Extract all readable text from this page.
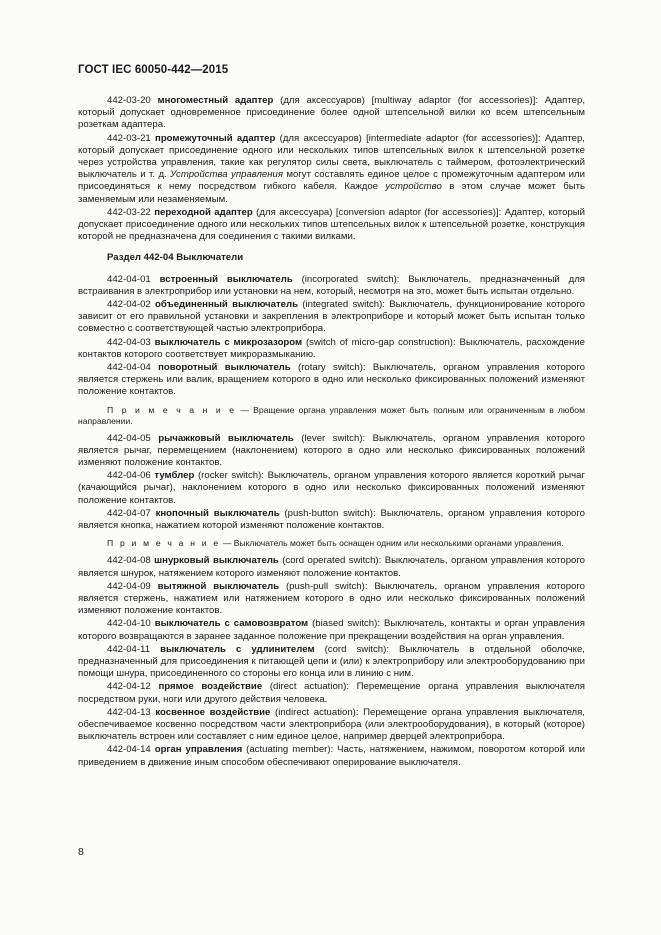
ГОСТ IEC 60050-442—2015

442-03-20 многоместный адаптер (для аксессуаров) [multiway adaptor (for accessories)]: Адаптер, который допускает одновременное присоединение более одной штепсельной вилки ко всем штепсельным розеткам адаптера.

442-03-21 промежуточный адаптер (для аксессуаров) [intermediate adaptor (for accessories)]: Адаптер, который допускает присоединение одного или нескольких типов штепсельных вилок к штепсельной розетке через устройства управления, такие как регулятор силы света, выключатель с таймером, фотоэлектрический выключатель и т. д. Устройства управления могут составлять единое целое с промежуточным адаптером или присоединяться к нему посредством гибкого кабеля. Каждое устройство в этом случае может быть заменяемым или незаменяемым.

442-03-22 переходной адаптер (для аксессуара) [conversion adaptor (for accessories)]: Адаптер, который допускает присоединение одного или нескольких типов штепсельных вилок к штепсельной розетке, конструкция которой не предназначена для соединения с такими вилками.

Раздел 442-04 Выключатели

442-04-01 встроенный выключатель (incorporated switch): Выключатель, предназначенный для встраивания в электроприбор или установки на нем, который, несмотря на это, может быть испытан отдельно.

442-04-02 объединенный выключатель (integrated switch): Выключатель, функционирование которого зависит от его правильной установки и закрепления в электроприборе и который может быть испытан только совместно с соответствующей частью электроприбора.

442-04-03 выключатель с микрозазором (switch of micro-gap construction): Выключатель, расхождение контактов которого соответствует микроразмыканию.

442-04-04 поворотный выключатель (rotary switch): Выключатель, органом управления которого является стержень или валик, вращением которого в одно или несколько фиксированных положений изменяют положение контактов.

П р и м е ч а н и е — Вращение органа управления может быть полным или ограниченным в любом направлении.

442-04-05 рычажковый выключатель (lever switch): Выключатель, органом управления которого является рычаг, перемещением (наклонением) которого в одно или несколько фиксированных положений изменяют положение контактов.

442-04-06 тумблер (rocker switch): Выключатель, органом управления которого является короткий рычаг (качающийся рычаг), наклонением которого в одно или несколько фиксированных положений изменяют положение контактов.

442-04-07 кнопочный выключатель (push-button switch): Выключатель, органом управления которого является кнопка, нажатием которой изменяют положение контактов.

П р и м е ч а н и е — Выключатель может быть оснащен одним или несколькими органами управления.

442-04-08 шнурковый выключатель (cord operated switch): Выключатель, органом управления которого является шнурок, натяжением которого изменяют положение контактов.

442-04-09 вытяжной выключатель (push-pull switch): Выключатель, органом управления которого является стержень, нажатием или натяжением которого в одно или несколько фиксированных положений изменяют положение контактов.

442-04-10 выключатель с самовозвратом (biased switch): Выключатель, контакты и орган управления которого возвращаются в заранее заданное положение при прекращении воздействия на орган управления.

442-04-11 выключатель с удлинителем (cord switch): Выключатель в отдельной оболочке, предназначенный для присоединения к питающей цепи и (или) к электроприбору или электрооборудованию при помощи шнура, присоединенного со стороны его конца или в линию с ним.

442-04-12 прямое воздействие (direct actuation): Перемещение органа управления выключателя посредством руки, ноги или другого действия человека.

442-04-13 косвенное воздействие (indirect actuation): Перемещение органа управления выключателя, обеспечиваемое косвенно посредством части электроприбора (или электрооборудования), в который (которое) выключатель встроен или составляет с ним единое целое, например дверцей электроприбора.

442-04-14 орган управления (actuating member): Часть, натяжением, нажимом, поворотом которой или приведением в движение иным способом обеспечивают оперирование выключателя.

8
